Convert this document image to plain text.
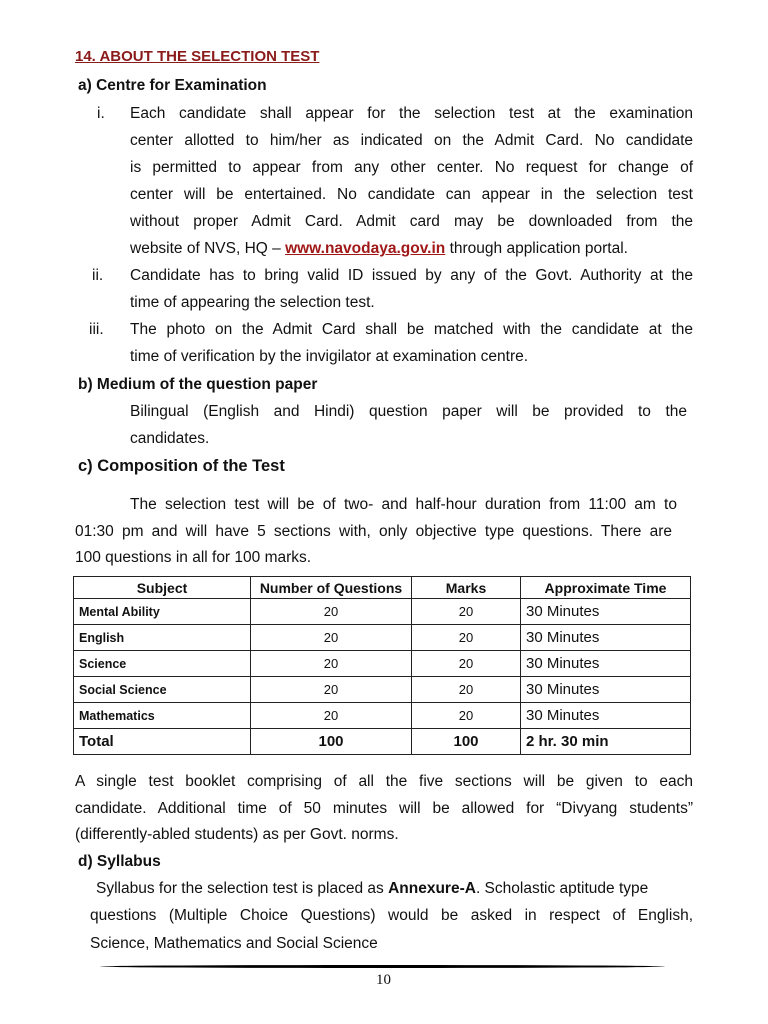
14. ABOUT THE SELECTION TEST
a) Centre for Examination
i. Each candidate shall appear for the selection test at the examination
center allotted to him/her as indicated on the Admit Card. No candidate
is permitted to appear from any other center. No request for change of
center will be entertained. No candidate can appear in the selection test
without proper Admit Card. Admit card may be downloaded from the
website of NVS, HQ – www.navodaya.gov.in through application portal.
ii. Candidate has to bring valid ID issued by any of the Govt. Authority at the
time of appearing the selection test.
iii. The photo on the Admit Card shall be matched with the candidate at the
time of verification by the invigilator at examination centre.
b) Medium of the question paper
Bilingual (English and Hindi) question paper will be provided to the
candidates.
c) Composition of the Test
The selection test will be of two- and half-hour duration from 11:00 am to
01:30 pm and will have 5 sections with, only objective type questions. There are
100 questions in all for 100 marks.
Subject	Number of Questions	Marks	Approximate Time
Mental Ability	20	20	30 Minutes
English	20	20	30 Minutes
Science	20	20	30 Minutes
Social Science	20	20	30 Minutes
Mathematics	20	20	30 Minutes
Total	100	100	2 hr. 30 min
A single test booklet comprising of all the five sections will be given to each
candidate. Additional time of 50 minutes will be allowed for “Divyang students”
(differently-abled students) as per Govt. norms.
d) Syllabus
Syllabus for the selection test is placed as Annexure-A. Scholastic aptitude type
questions (Multiple Choice Questions) would be asked in respect of English,
Science, Mathematics and Social Science
10
